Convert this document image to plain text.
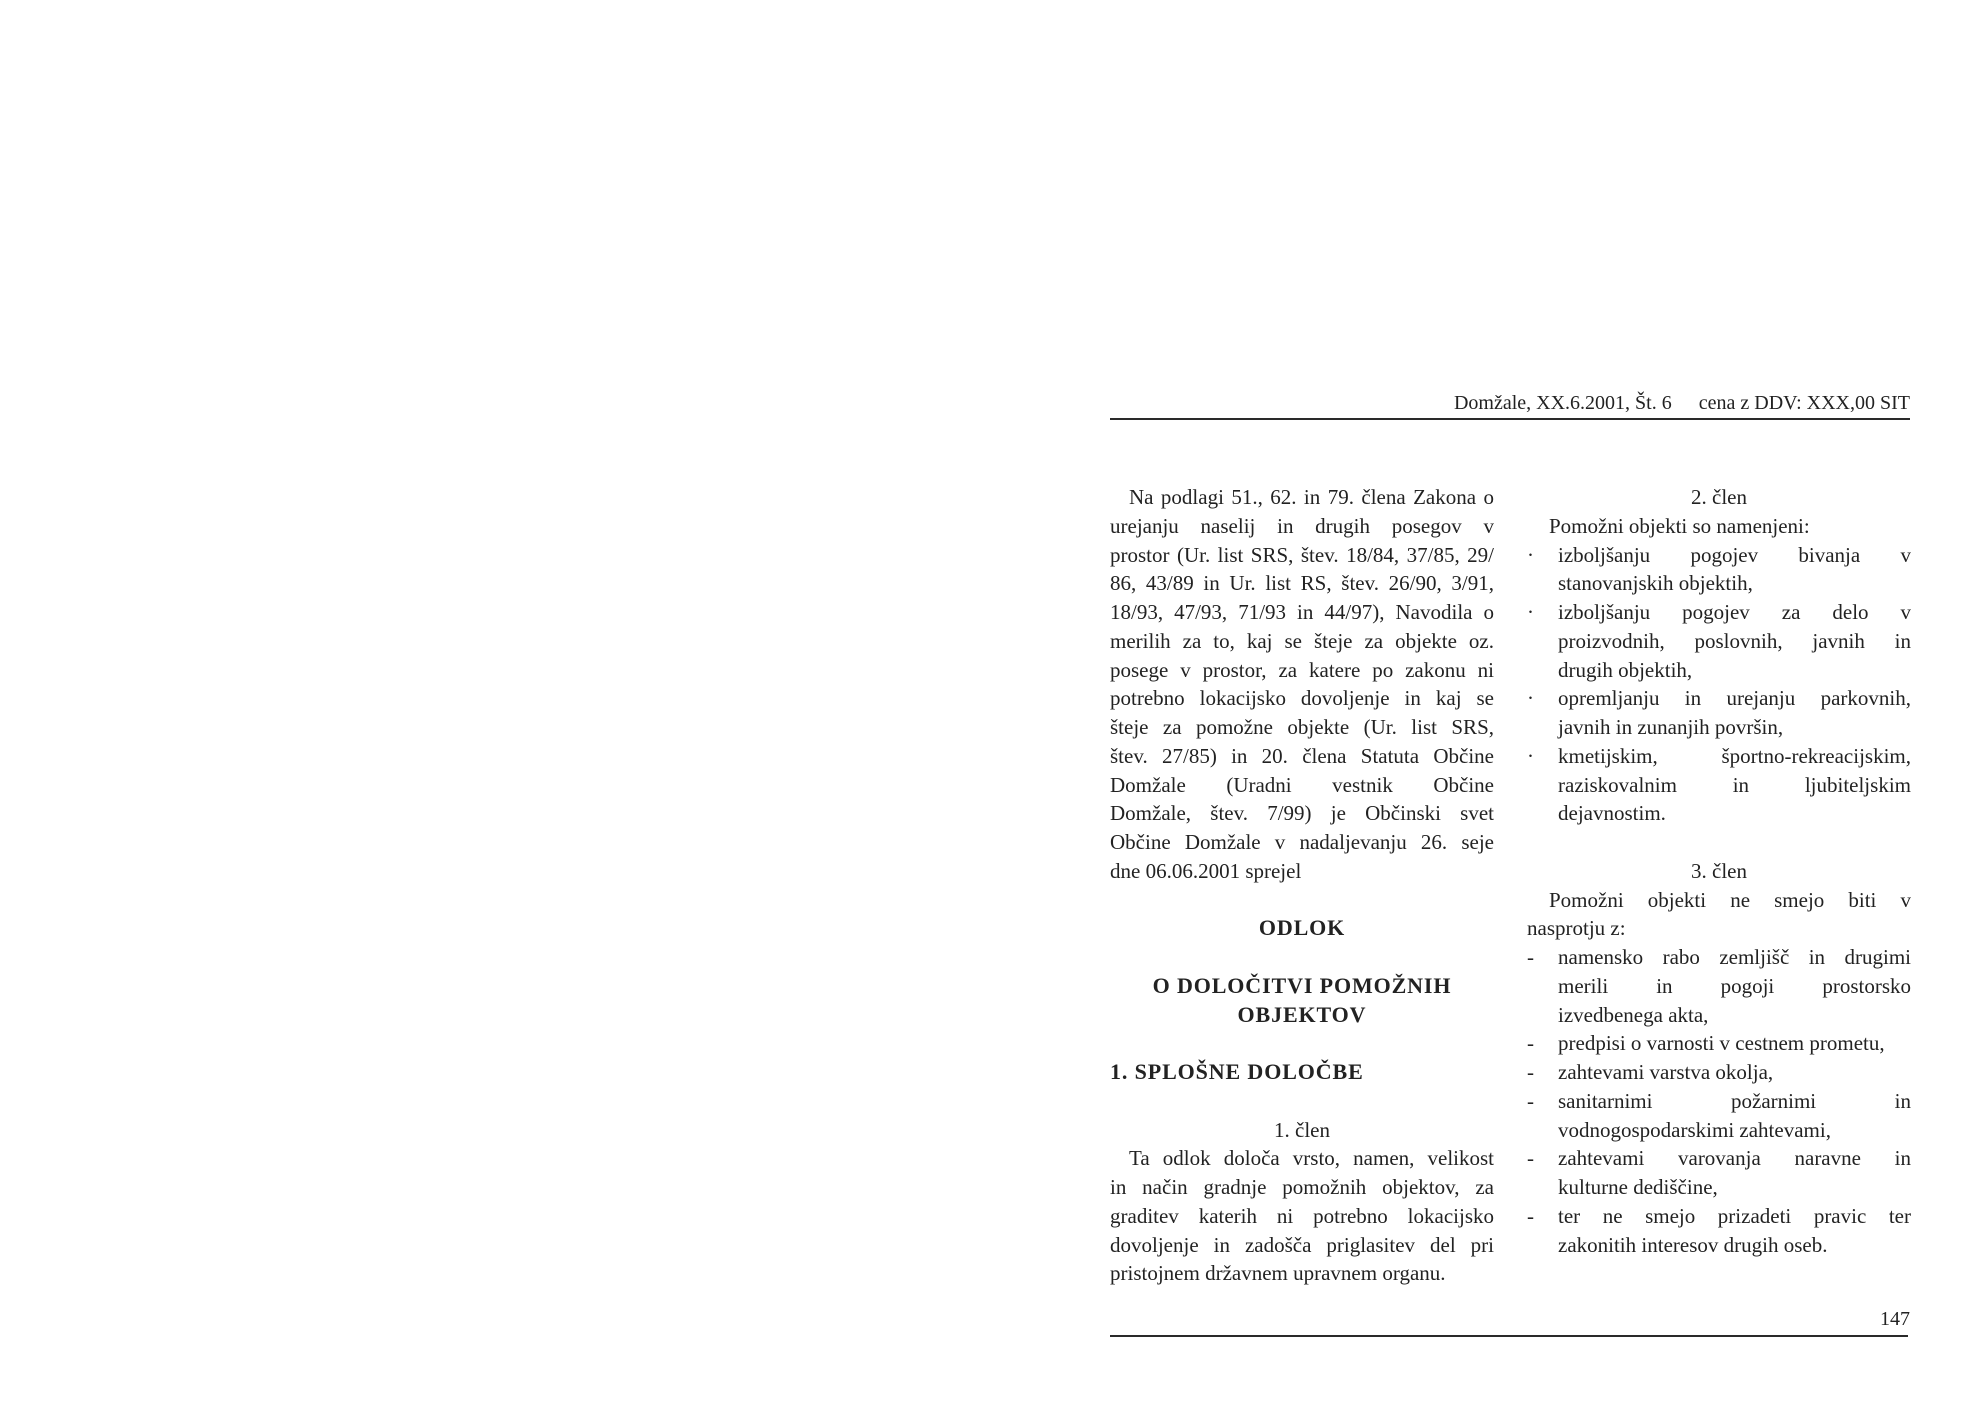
Domžale, XX.6.2001, Št. 6 cena z DDV: XXX,00 SIT
Na podlagi 51., 62. in 79. člena Zakona o
urejanju naselij in drugih posegov v
prostor (Ur. list SRS, štev. 18/84, 37/85, 29/
86, 43/89 in Ur. list RS, štev. 26/90, 3/91,
18/93, 47/93, 71/93 in 44/97), Navodila o
merilih za to, kaj se šteje za objekte oz.
posege v prostor, za katere po zakonu ni
potrebno lokacijsko dovoljenje in kaj se
šteje za pomožne objekte (Ur. list SRS,
štev. 27/85) in 20. člena Statuta Občine
Domžale (Uradni vestnik Občine
Domžale, štev. 7/99) je Občinski svet
Občine Domžale v nadaljevanju 26. seje
dne 06.06.2001 sprejel
ODLOK
O DOLOČITVI POMOŽNIH
OBJEKTOV
1. SPLOŠNE DOLOČBE
1. člen
Ta odlok določa vrsto, namen, velikost
in način gradnje pomožnih objektov, za
graditev katerih ni potrebno lokacijsko
dovoljenje in zadošča priglasitev del pri
pristojnem državnem upravnem organu.
2. člen
Pomožni objekti so namenjeni:
·	izboljšanju pogojev bivanja v
stanovanjskih objektih,
·	izboljšanju pogojev za delo v
proizvodnih, poslovnih, javnih in
drugih objektih,
·	opremljanju in urejanju parkovnih,
javnih in zunanjih površin,
·	kmetijskim, športno-rekreacijskim,
raziskovalnim in ljubiteljskim
dejavnostim.
3. člen
Pomožni objekti ne smejo biti v
nasprotju z:
-	namensko rabo zemljišč in drugimi
merili in pogoji prostorsko
izvedbenega akta,
-	predpisi o varnosti v cestnem prometu,
-	zahtevami varstva okolja,
-	sanitarnimi požarnimi in
vodnogospodarskimi zahtevami,
-	zahtevami varovanja naravne in
kulturne dediščine,
-	ter ne smejo prizadeti pravic ter
zakonitih interesov drugih oseb.
147
